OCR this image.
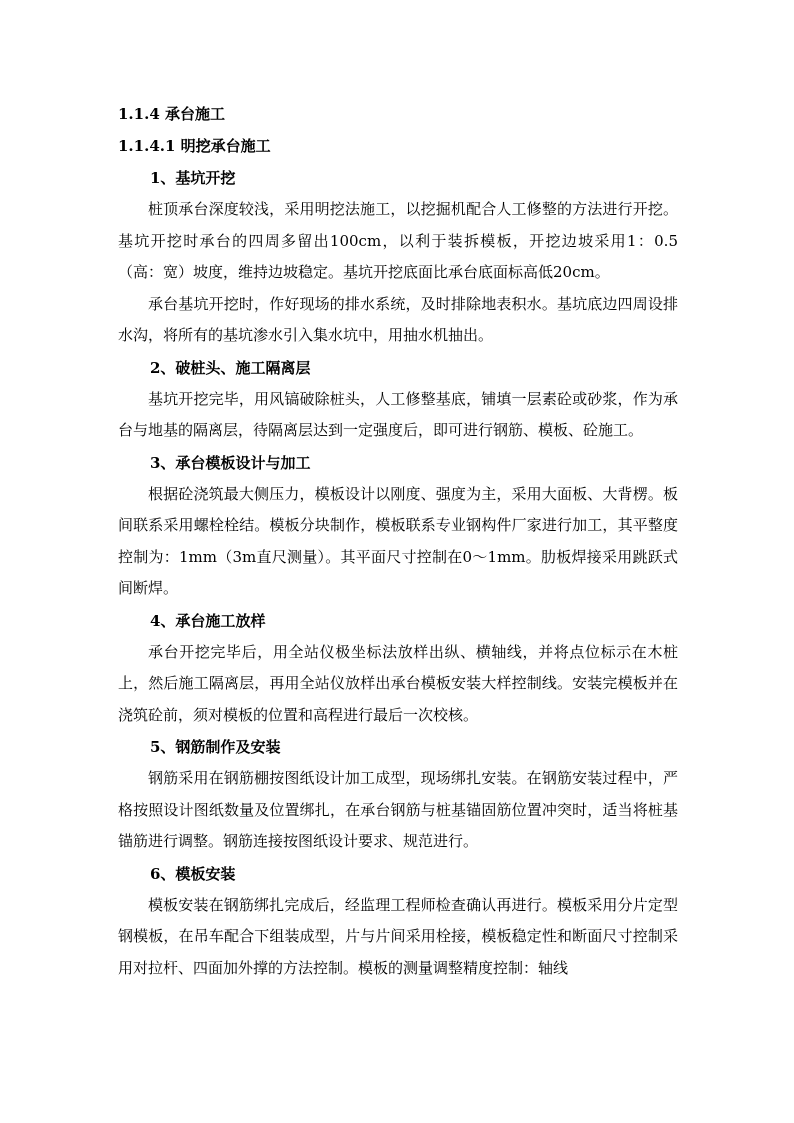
1.1.4 承台施工
1.1.4.1 明挖承台施工
1、基坑开挖

桩顶承台深度较浅，采用明挖法施工，以挖掘机配合人工修整的方法进行开挖。基坑开挖时承台的四周多留出100cm，以利于装拆模板，开挖边坡采用1：0.5（高：宽）坡度，维持边坡稳定。基坑开挖底面比承台底面标高低20cm。

承台基坑开挖时，作好现场的排水系统，及时排除地表积水。基坑底边四周设排水沟，将所有的基坑渗水引入集水坑中，用抽水机抽出。

2、破桩头、施工隔离层

基坑开挖完毕，用风镐破除桩头，人工修整基底，铺填一层素砼或砂浆，作为承台与地基的隔离层，待隔离层达到一定强度后，即可进行钢筋、模板、砼施工。

3、承台模板设计与加工

根据砼浇筑最大侧压力，模板设计以刚度、强度为主，采用大面板、大背楞。板间联系采用螺栓栓结。模板分块制作，模板联系专业钢构件厂家进行加工，其平整度控制为：1mm（3m直尺测量）。其平面尺寸控制在0～1mm。肋板焊接采用跳跃式间断焊。

4、承台施工放样

承台开挖完毕后，用全站仪极坐标法放样出纵、横轴线，并将点位标示在木桩上，然后施工隔离层，再用全站仪放样出承台模板安装大样控制线。安装完模板并在浇筑砼前，须对模板的位置和高程进行最后一次校核。

5、钢筋制作及安装

钢筋采用在钢筋棚按图纸设计加工成型，现场绑扎安装。在钢筋安装过程中，严格按照设计图纸数量及位置绑扎，在承台钢筋与桩基锚固筋位置冲突时，适当将桩基锚筋进行调整。钢筋连接按图纸设计要求、规范进行。

6、模板安装

模板安装在钢筋绑扎完成后，经监理工程师检查确认再进行。模板采用分片定型钢模板，在吊车配合下组装成型，片与片间采用栓接，模板稳定性和断面尺寸控制采用对拉杆、四面加外撑的方法控制。模板的测量调整精度控制：轴线
